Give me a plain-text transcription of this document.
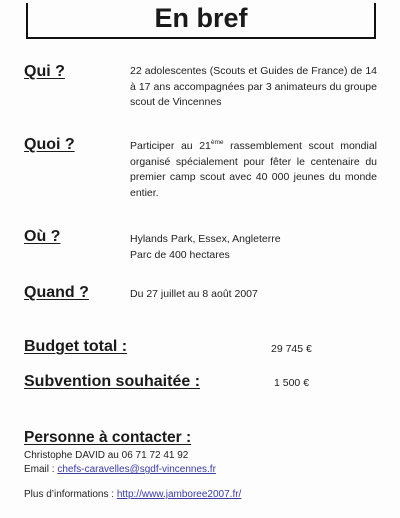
En bref
Qui ?	22 adolescentes (Scouts et Guides de France) de 14 à 17 ans accompagnées par 3 animateurs du groupe scout de Vincennes
Quoi ?	Participer au 21ème rassemblement scout mondial organisé spécialement pour fêter le centenaire du premier camp scout avec 40 000 jeunes du monde entier.
Où ?	Hylands Park, Essex, Angleterre
Parc de 400 hectares
Quand ?	Du 27 juillet au 8 août 2007
Budget total :	29 745 €
Subvention souhaitée :	1 500 €
Personne à contacter :
Christophe DAVID au 06 71 72 41 92
Email : chefs-caravelles@sgdf-vincennes.fr
Plus d’informations : http://www.jamboree2007.fr/
